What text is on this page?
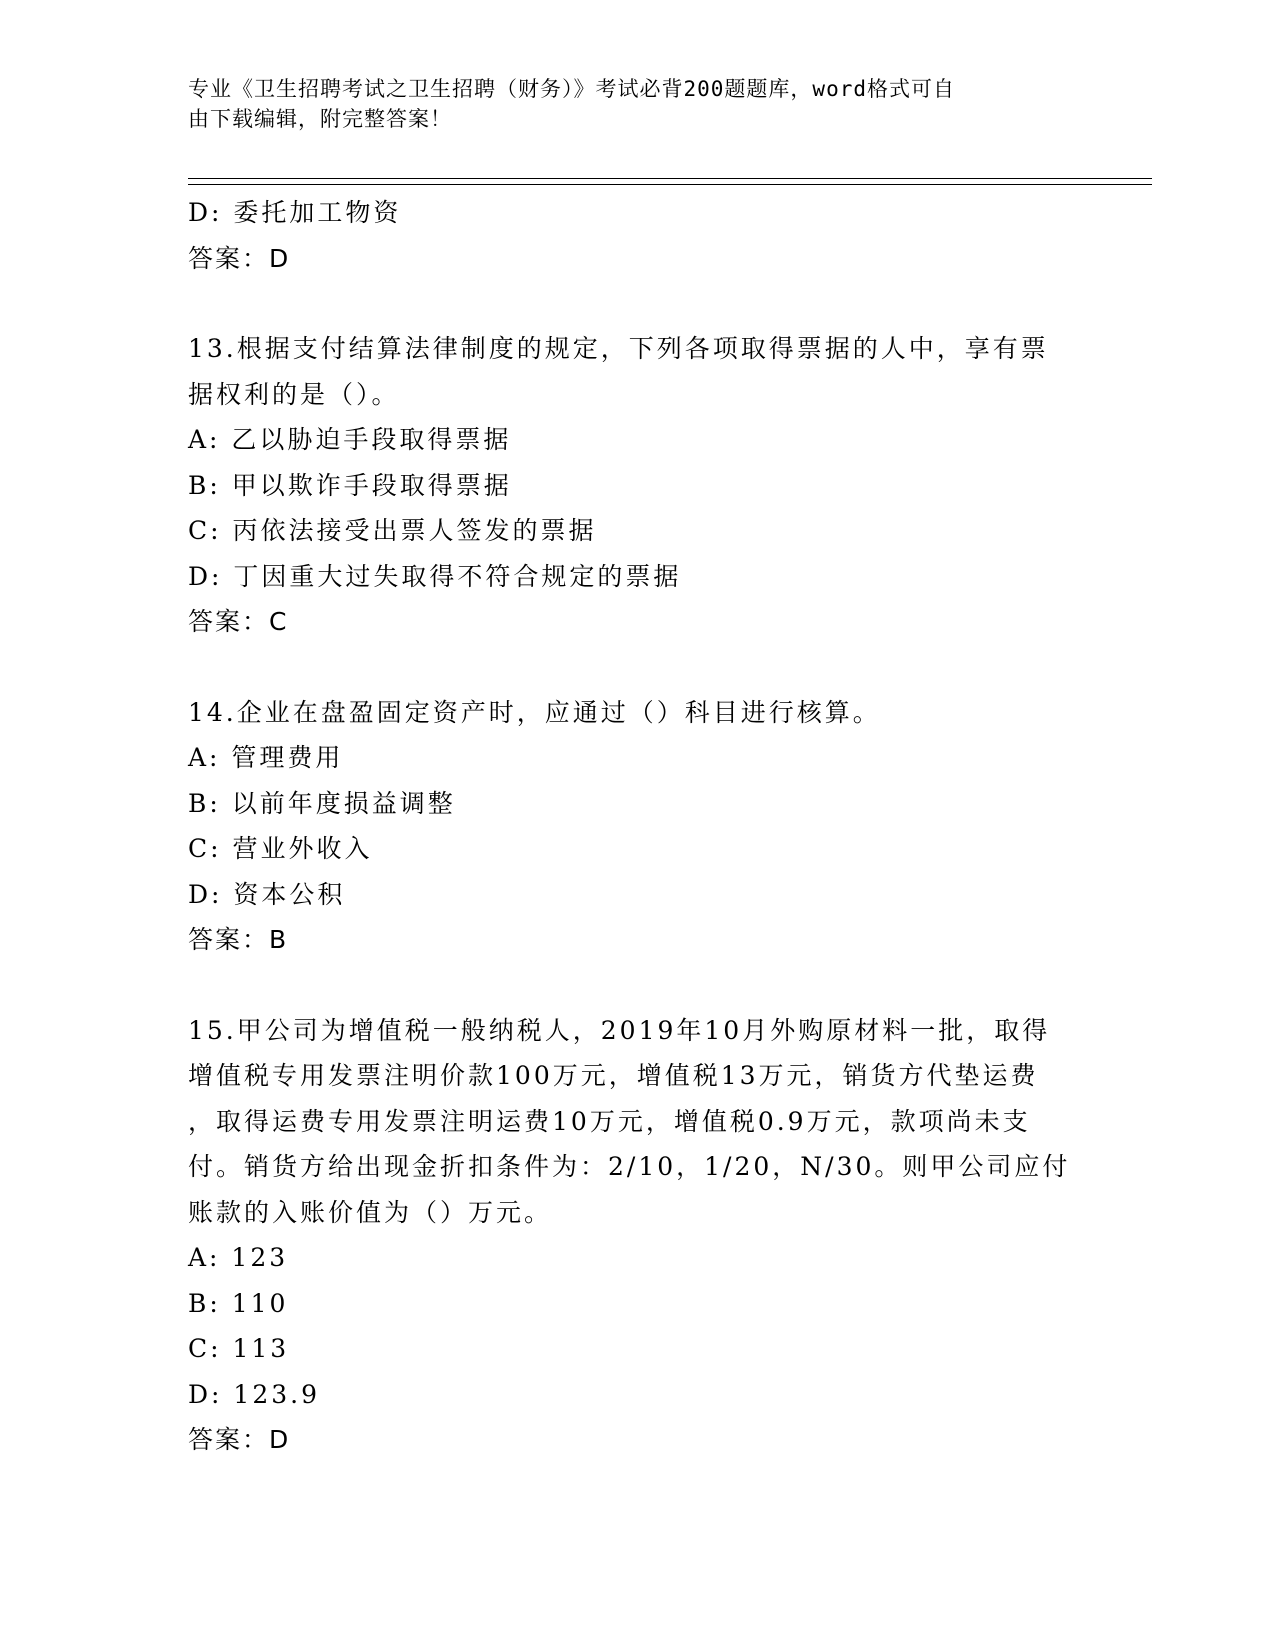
专业《卫生招聘考试之卫生招聘（财务）》考试必背200题题库，word格式可自
由下载编辑，附完整答案！
D: 委托加工物资
答案：D
13.根据支付结算法律制度的规定，下列各项取得票据的人中，享有票
据权利的是（）。
A: 乙以胁迫手段取得票据
B: 甲以欺诈手段取得票据
C: 丙依法接受出票人签发的票据
D: 丁因重大过失取得不符合规定的票据
答案：C
14.企业在盘盈固定资产时，应通过（）科目进行核算。
A: 管理费用
B: 以前年度损益调整
C: 营业外收入
D: 资本公积
答案：B
15.甲公司为增值税一般纳税人，2019年10月外购原材料一批，取得
增值税专用发票注明价款100万元，增值税13万元，销货方代垫运费
，取得运费专用发票注明运费10万元，增值税0.9万元，款项尚未支
付。销货方给出现金折扣条件为：2/10，1/20，N/30。则甲公司应付
账款的入账价值为（）万元。
A: 123
B: 110
C: 113
D: 123.9
答案：D
